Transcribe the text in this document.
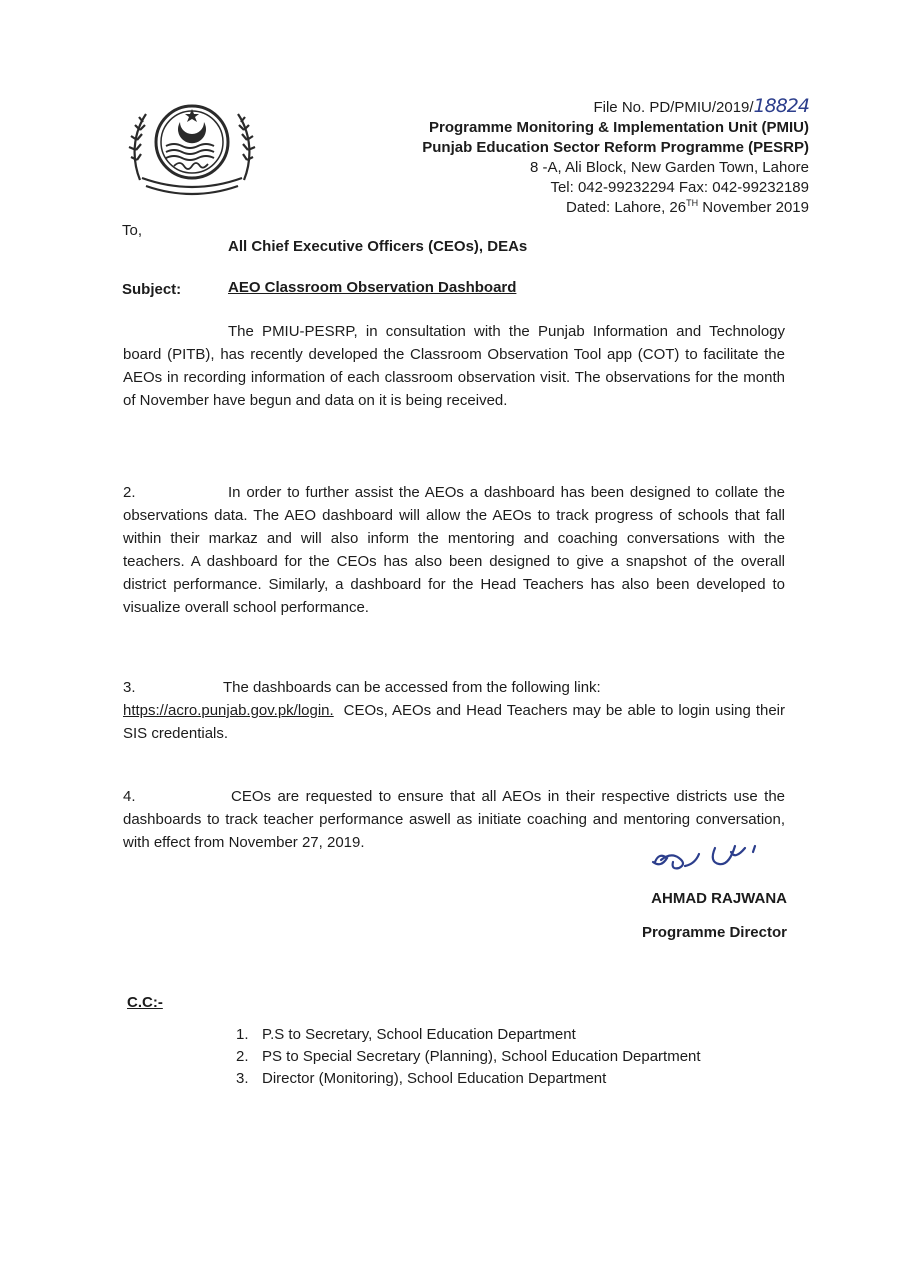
File No. PD/PMIU/2019/18824
Programme Monitoring & Implementation Unit (PMIU)
Punjab Education Sector Reform Programme (PESRP)
8 -A, Ali Block, New Garden Town, Lahore
Tel: 042-99232294 Fax: 042-99232189
Dated: Lahore, 26TH November 2019
To,
All Chief Executive Officers (CEOs), DEAs
Subject:	AEO Classroom Observation Dashboard
The PMIU-PESRP, in consultation with the Punjab Information and Technology board (PITB), has recently developed the Classroom Observation Tool app (COT) to facilitate the AEOs in recording information of each classroom observation visit. The observations for the month of November have begun and data on it is being received.
2.	In order to further assist the AEOs a dashboard has been designed to collate the observations data. The AEO dashboard will allow the AEOs to track progress of schools that fall within their markaz and will also inform the mentoring and coaching conversations with the teachers. A dashboard for the CEOs has also been designed to give a snapshot of the overall district performance. Similarly, a dashboard for the Head Teachers has also been developed to visualize overall school performance.
3.	The dashboards can be accessed from the following link:
https://acro.punjab.gov.pk/login. CEOs, AEOs and Head Teachers may be able to login using their SIS credentials.
4.	CEOs are requested to ensure that all AEOs in their respective districts use the dashboards to track teacher performance aswell as initiate coaching and mentoring conversation, with effect from November 27, 2019.
AHMAD RAJWANA
Programme Director
C.C:-
1. P.S to Secretary, School Education Department
2. PS to Special Secretary (Planning), School Education Department
3. Director (Monitoring), School Education Department
